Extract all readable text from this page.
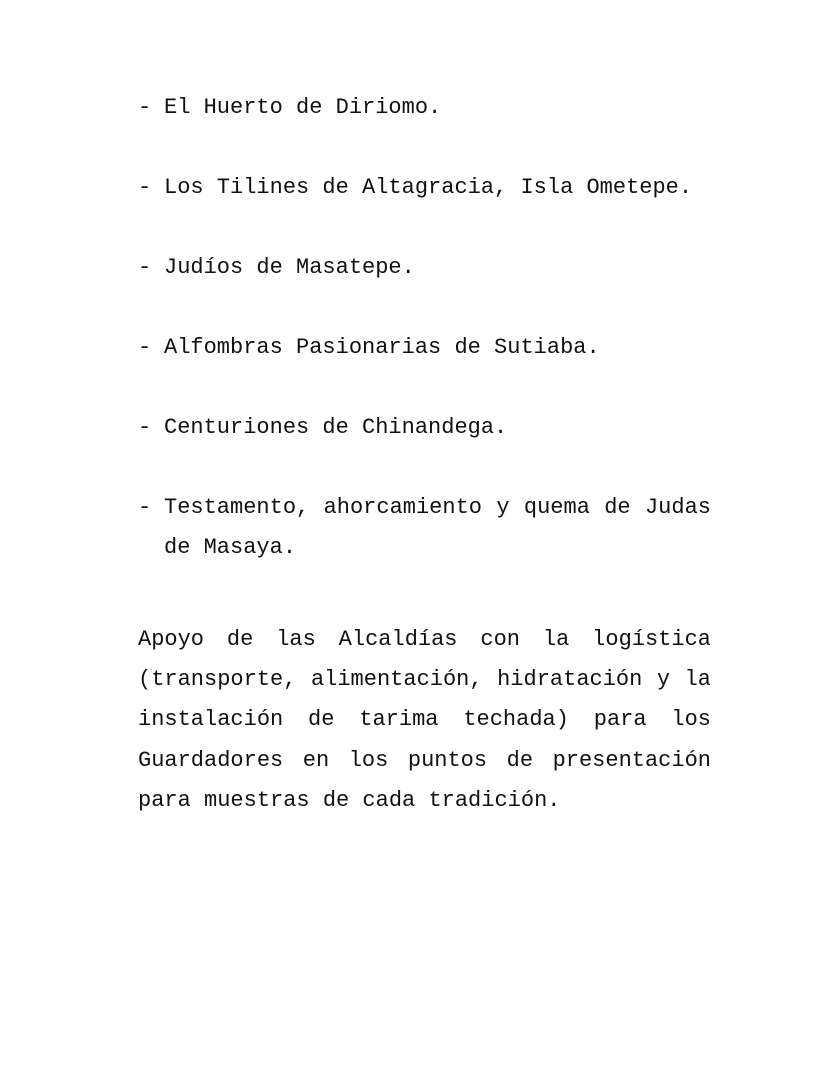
- El Huerto de Diriomo.
- Los Tilines de Altagracia, Isla Ometepe.
- Judíos de Masatepe.
- Alfombras Pasionarias de Sutiaba.
- Centuriones de Chinandega.
- Testamento, ahorcamiento y quema de Judas de Masaya.

Apoyo de las Alcaldías con la logística (transporte, alimentación, hidratación y la instalación de tarima techada) para los Guardadores en los puntos de presentación para muestras de cada tradición.
